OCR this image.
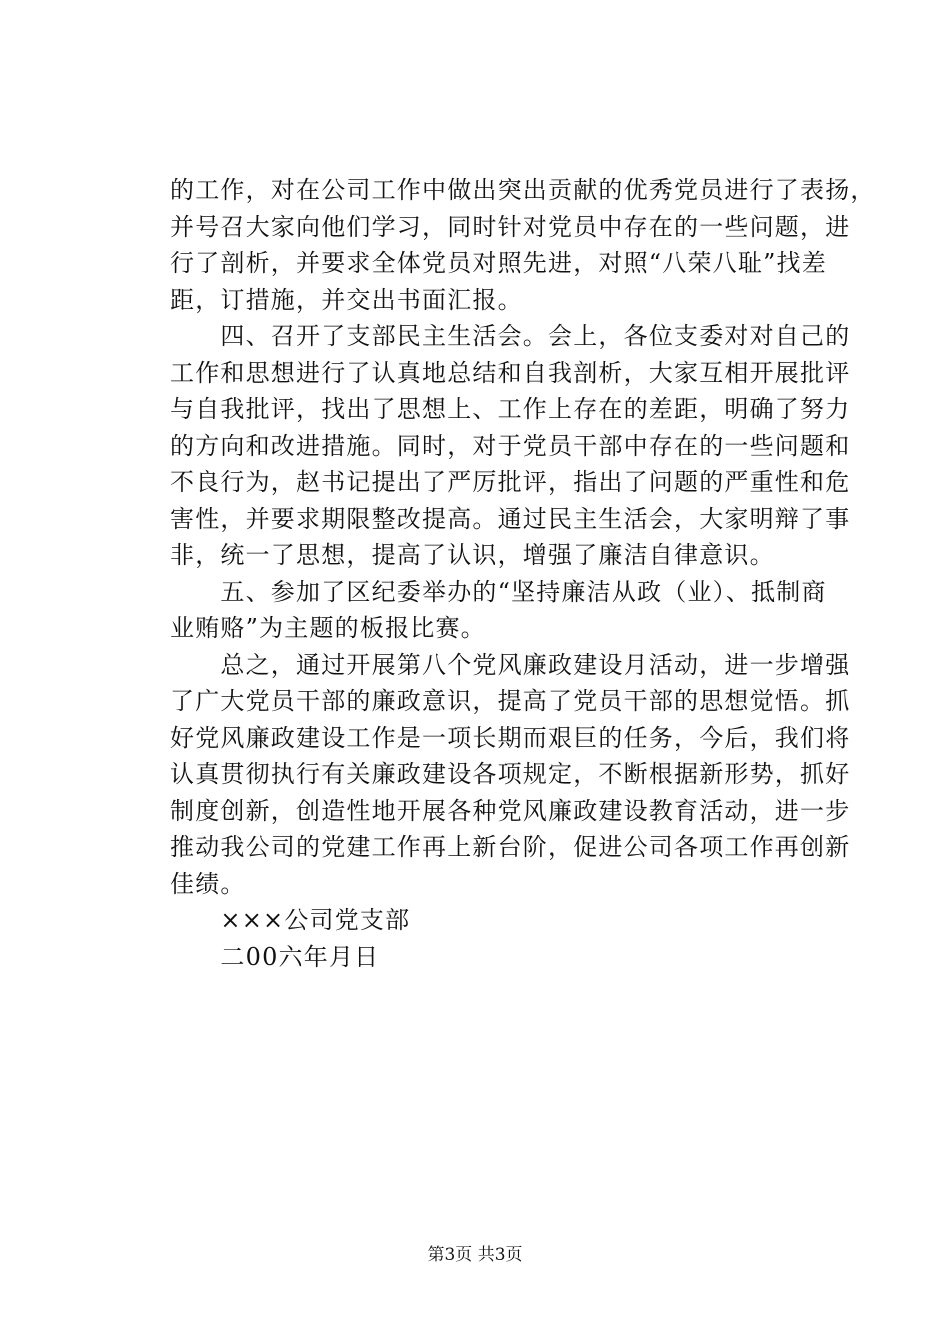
的工作，对在公司工作中做出突出贡献的优秀党员进行了表扬，
并号召大家向他们学习，同时针对党员中存在的一些问题，进
行了剖析，并要求全体党员对照先进，对照“八荣八耻”找差
距，订措施，并交出书面汇报。
　　四、召开了支部民主生活会。会上，各位支委对对自己的
工作和思想进行了认真地总结和自我剖析，大家互相开展批评
与自我批评，找出了思想上、工作上存在的差距，明确了努力
的方向和改进措施。同时，对于党员干部中存在的一些问题和
不良行为，赵书记提出了严厉批评，指出了问题的严重性和危
害性，并要求期限整改提高。通过民主生活会，大家明辩了事
非，统一了思想，提高了认识，增强了廉洁自律意识。
　　五、参加了区纪委举办的“坚持廉洁从政（业）、抵制商
业贿赂”为主题的板报比赛。
　　总之，通过开展第八个党风廉政建设月活动，进一步增强
了广大党员干部的廉政意识，提高了党员干部的思想觉悟。抓
好党风廉政建设工作是一项长期而艰巨的任务，今后，我们将
认真贯彻执行有关廉政建设各项规定，不断根据新形势，抓好
制度创新，创造性地开展各种党风廉政建设教育活动，进一步
推动我公司的党建工作再上新台阶，促进公司各项工作再创新
佳绩。
　　×××公司党支部
　　二00六年月日
第3页 共3页
